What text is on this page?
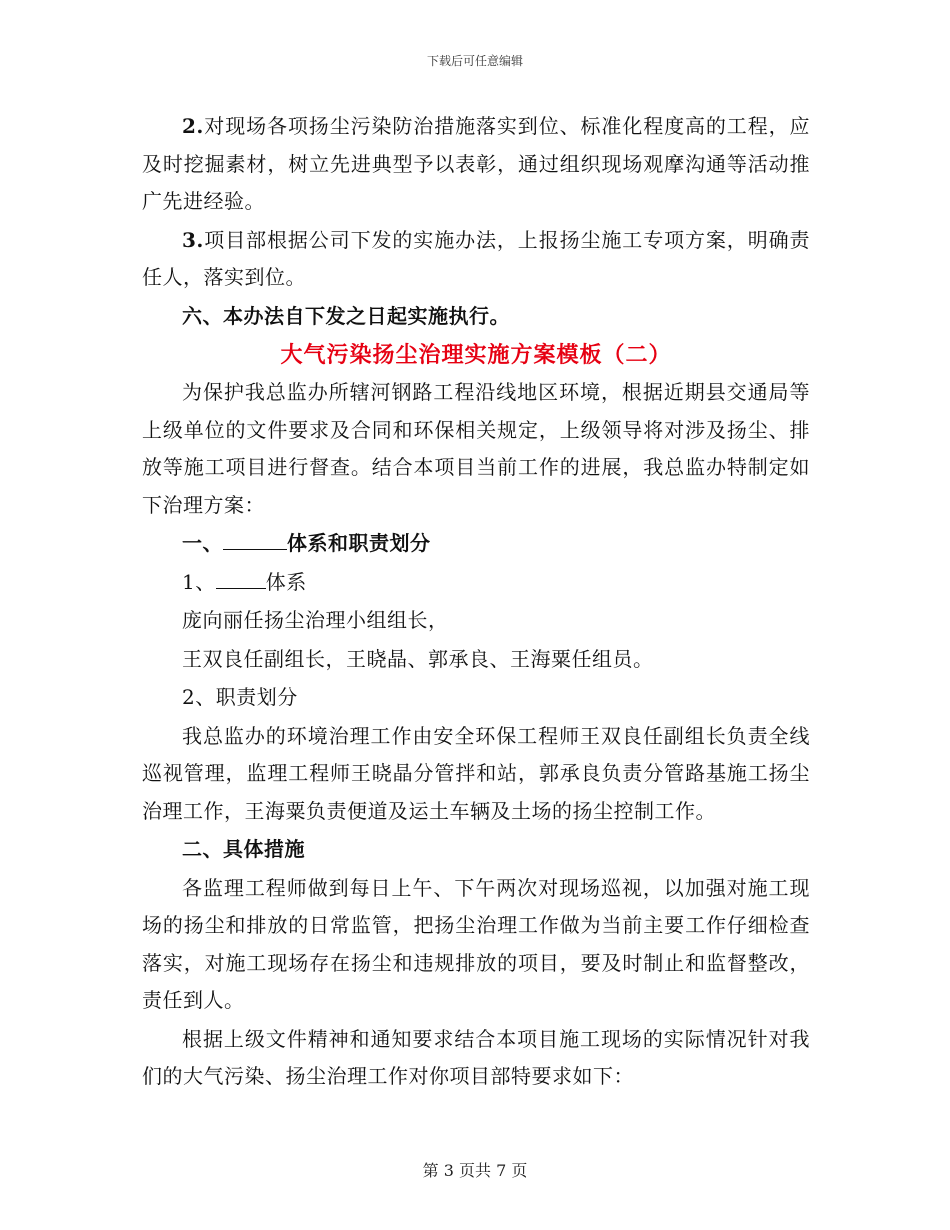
下载后可任意编辑

2.对现场各项扬尘污染防治措施落实到位、标准化程度高的工程，应及时挖掘素材，树立先进典型予以表彰，通过组织现场观摩沟通等活动推广先进经验。

3.项目部根据公司下发的实施办法，上报扬尘施工专项方案，明确责任人，落实到位。

六、本办法自下发之日起实施执行。

大气污染扬尘治理实施方案模板（二）

为保护我总监办所辖河钢路工程沿线地区环境，根据近期县交通局等上级单位的文件要求及合同和环保相关规定，上级领导将对涉及扬尘、排放等施工项目进行督查。结合本项目当前工作的进展，我总监办特制定如下治理方案：

一、	体系和职责划分

1、	体系

庞向丽任扬尘治理小组组长，

王双良任副组长，王晓晶、郭承良、王海粟任组员。

2、职责划分

我总监办的环境治理工作由安全环保工程师王双良任副组长负责全线巡视管理，监理工程师王晓晶分管拌和站，郭承良负责分管路基施工扬尘治理工作，王海粟负责便道及运土车辆及土场的扬尘控制工作。

二、具体措施

各监理工程师做到每日上午、下午两次对现场巡视，以加强对施工现场的扬尘和排放的日常监管，把扬尘治理工作做为当前主要工作仔细检查落实，对施工现场存在扬尘和违规排放的项目，要及时制止和监督整改，责任到人。

根据上级文件精神和通知要求结合本项目施工现场的实际情况针对我们的大气污染、扬尘治理工作对你项目部特要求如下：

第 3 页共 7 页
